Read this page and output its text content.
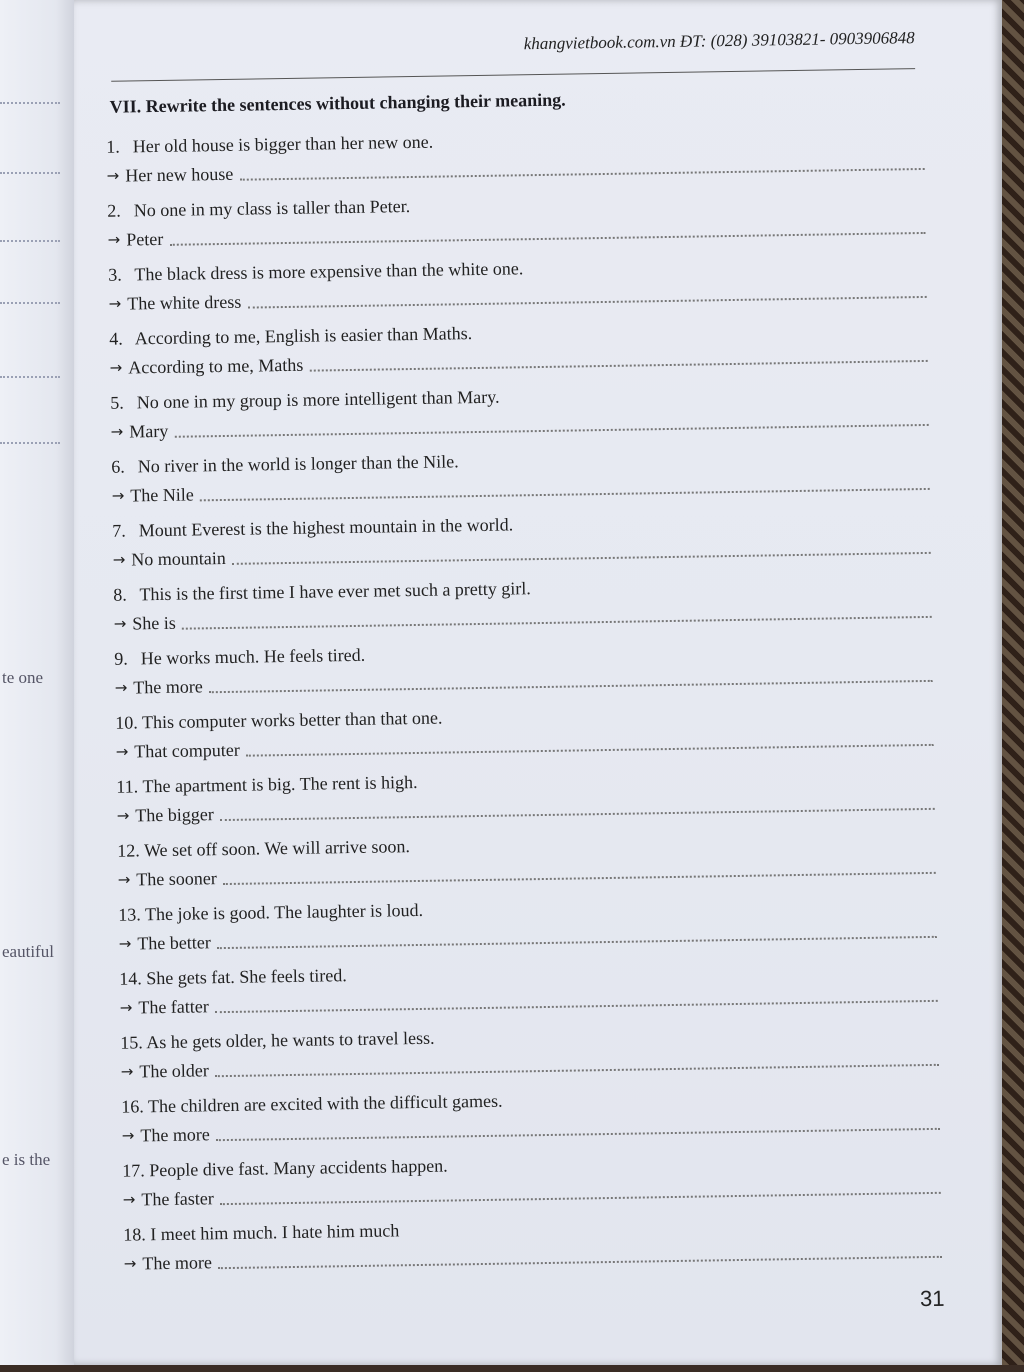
te one
eautiful
e is the
khangvietbook.com.vn ĐT: (028) 39103821- 0903906848
VII. Rewrite the sentences without changing their meaning.
1. Her old house is bigger than her new one.
→ Her new house
2. No one in my class is taller than Peter.
→ Peter
3. The black dress is more expensive than the white one.
→ The white dress
4. According to me, English is easier than Maths.
→ According to me, Maths
5. No one in my group is more intelligent than Mary.
→ Mary
6. No river in the world is longer than the Nile.
→ The Nile
7. Mount Everest is the highest mountain in the world.
→ No mountain
8. This is the first time I have ever met such a pretty girl.
→ She is
9. He works much. He feels tired.
→ The more
10. This computer works better than that one.
→ That computer
11. The apartment is big. The rent is high.
→ The bigger
12. We set off soon. We will arrive soon.
→ The sooner
13. The joke is good. The laughter is loud.
→ The better
14. She gets fat. She feels tired.
→ The fatter
15. As he gets older, he wants to travel less.
→ The older
16. The children are excited with the difficult games.
→ The more
17. People dive fast. Many accidents happen.
→ The faster
18. I meet him much. I hate him much
→ The more
31
